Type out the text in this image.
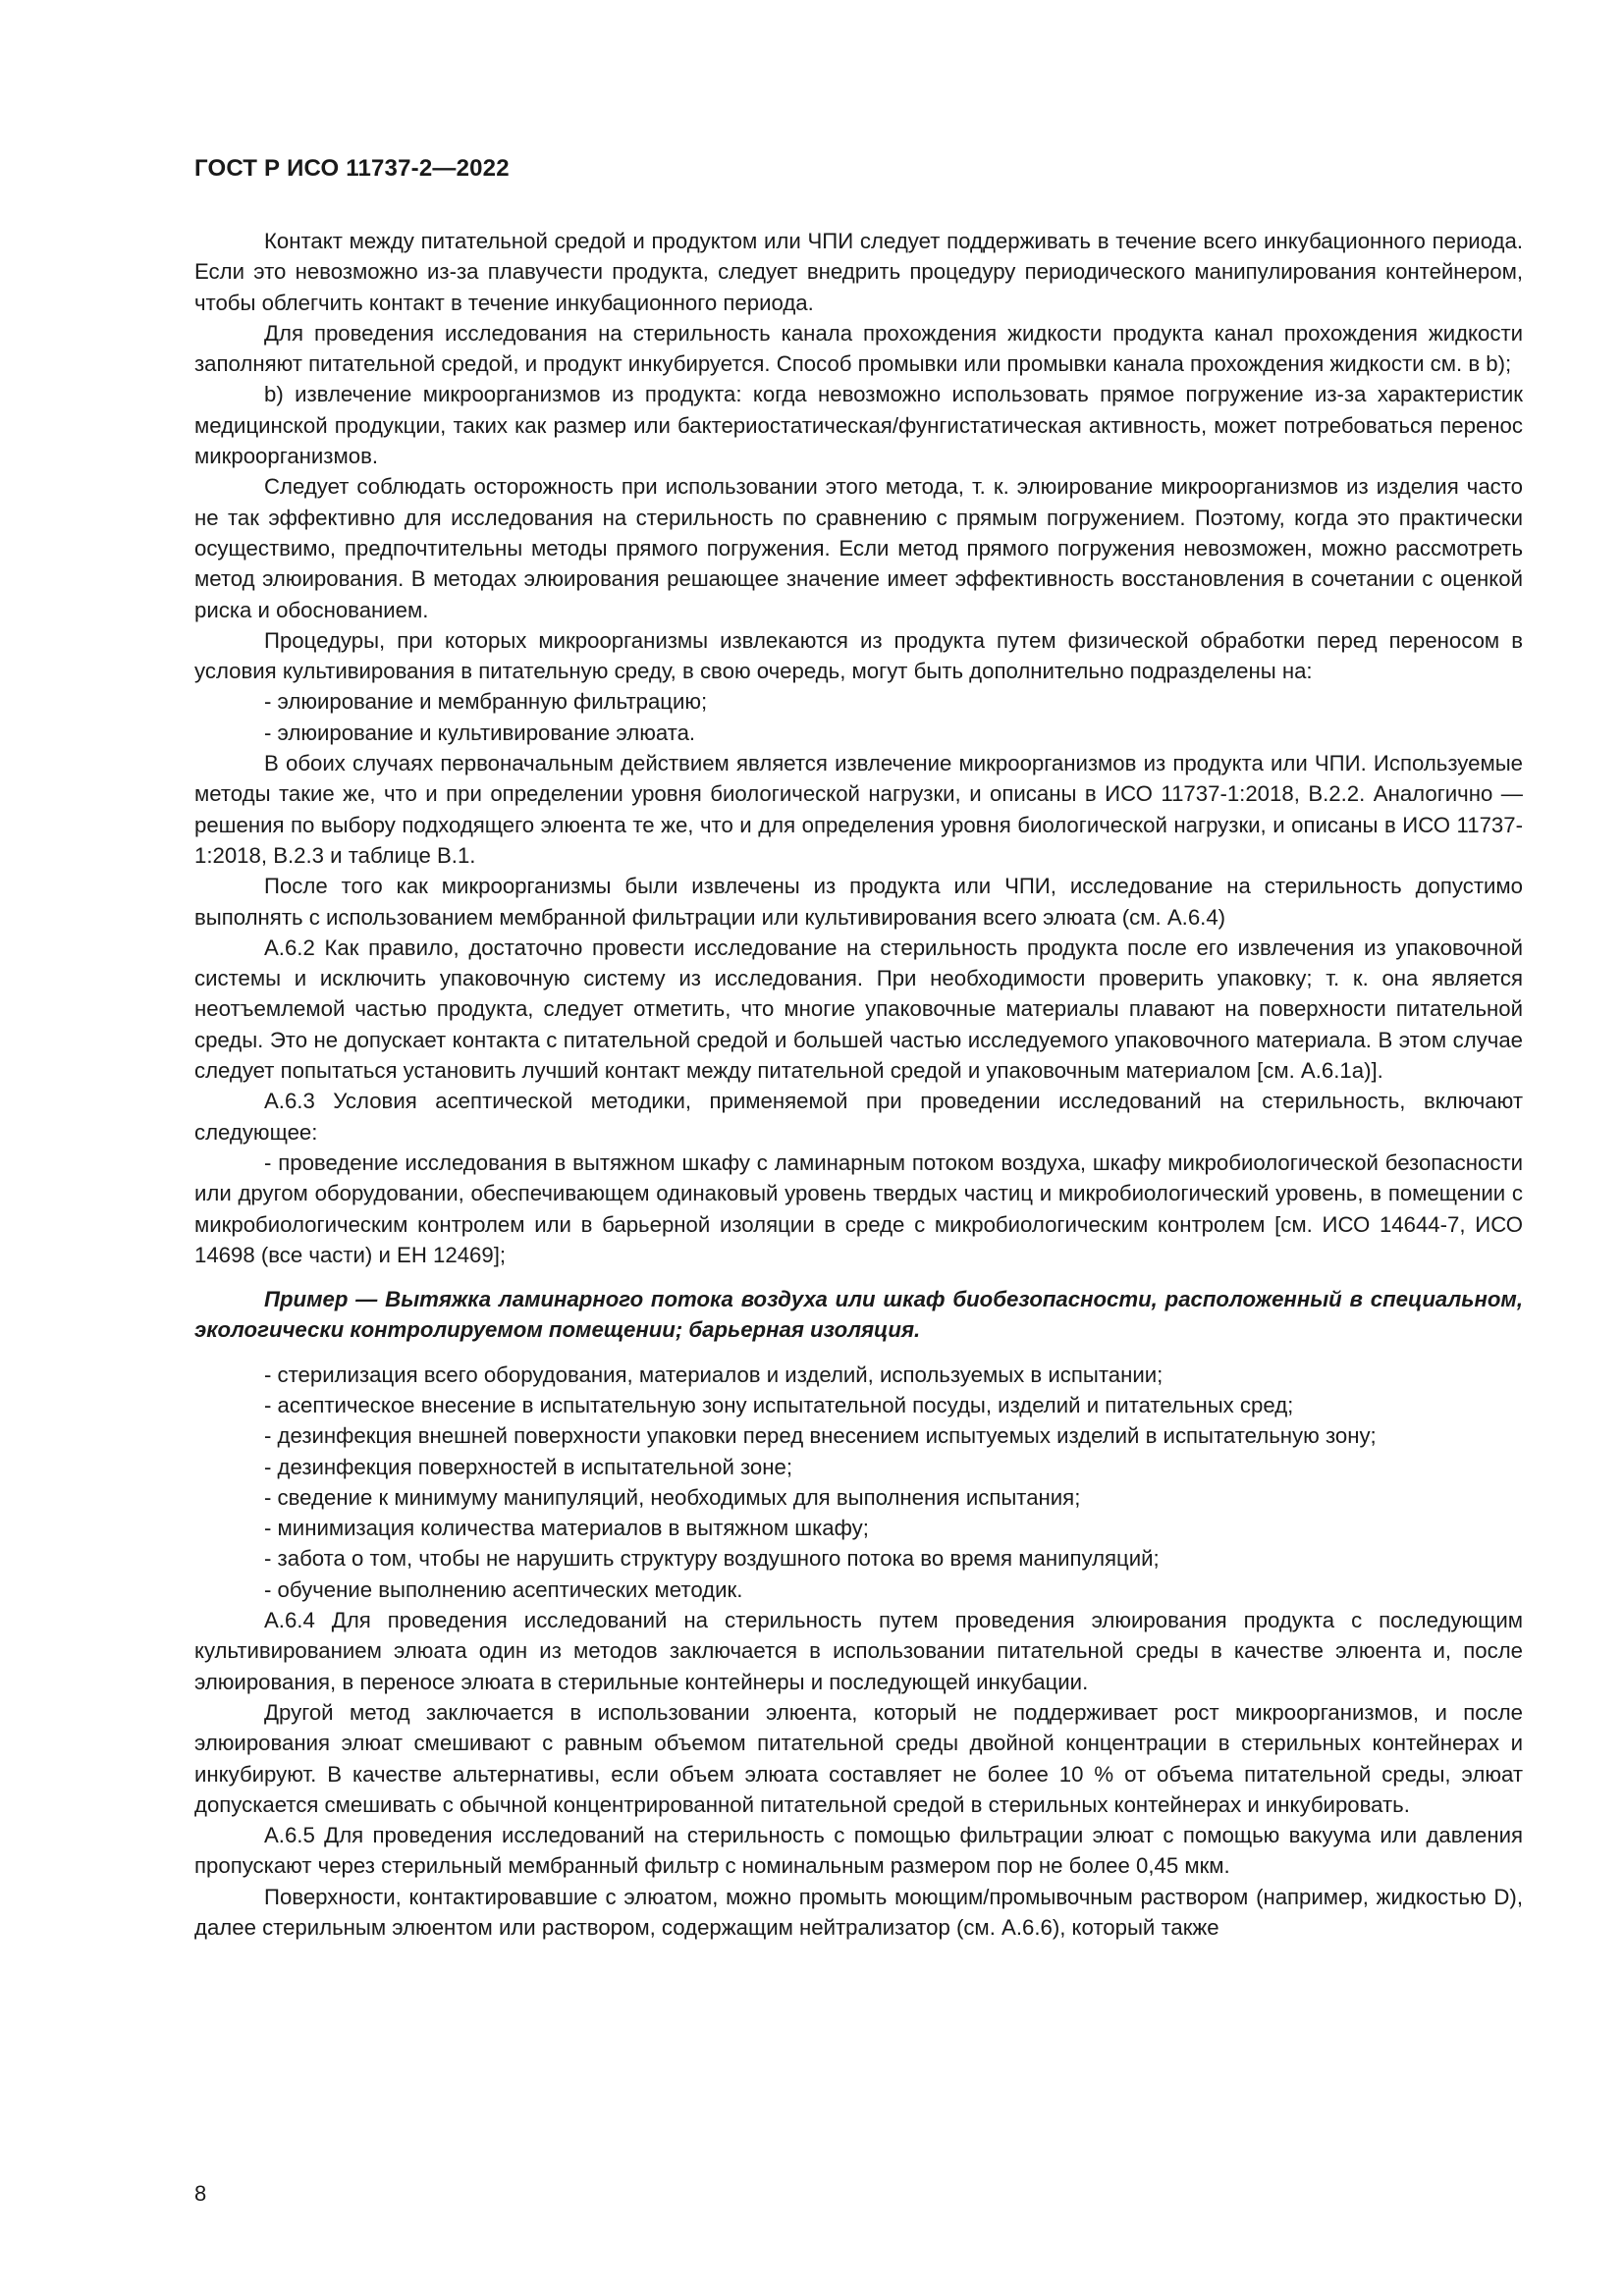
ГОСТ Р ИСО 11737-2—2022

Контакт между питательной средой и продуктом или ЧПИ следует поддерживать в течение всего инкубационного периода. Если это невозможно из-за плавучести продукта, следует внедрить процедуру периодического манипулирования контейнером, чтобы облегчить контакт в течение инкубационного периода.

Для проведения исследования на стерильность канала прохождения жидкости продукта канал прохождения жидкости заполняют питательной средой, и продукт инкубируется. Способ промывки или промывки канала прохождения жидкости см. в b);

b) извлечение микроорганизмов из продукта: когда невозможно использовать прямое погружение из-за характеристик медицинской продукции, таких как размер или бактериостатическая/фунгистатическая активность, может потребоваться перенос микроорганизмов.

Следует соблюдать осторожность при использовании этого метода, т. к. элюирование микроорганизмов из изделия часто не так эффективно для исследования на стерильность по сравнению с прямым погружением. Поэтому, когда это практически осуществимо, предпочтительны методы прямого погружения. Если метод прямого погружения невозможен, можно рассмотреть метод элюирования. В методах элюирования решающее значение имеет эффективность восстановления в сочетании с оценкой риска и обоснованием.

Процедуры, при которых микроорганизмы извлекаются из продукта путем физической обработки перед переносом в условия культивирования в питательную среду, в свою очередь, могут быть дополнительно подразделены на:

- элюирование и мембранную фильтрацию;

- элюирование и культивирование элюата.

В обоих случаях первоначальным действием является извлечение микроорганизмов из продукта или ЧПИ. Используемые методы такие же, что и при определении уровня биологической нагрузки, и описаны в ИСО 11737-1:2018, B.2.2. Аналогично — решения по выбору подходящего элюента те же, что и для определения уровня биологической нагрузки, и описаны в ИСО 11737-1:2018, B.2.3 и таблице B.1.

После того как микроорганизмы были извлечены из продукта или ЧПИ, исследование на стерильность допустимо выполнять с использованием мембранной фильтрации или культивирования всего элюата (см. А.6.4)

А.6.2 Как правило, достаточно провести исследование на стерильность продукта после его извлечения из упаковочной системы и исключить упаковочную систему из исследования. При необходимости проверить упаковку; т. к. она является неотъемлемой частью продукта, следует отметить, что многие упаковочные материалы плавают на поверхности питательной среды. Это не допускает контакта с питательной средой и большей частью исследуемого упаковочного материала. В этом случае следует попытаться установить лучший контакт между питательной средой и упаковочным материалом [см. А.6.1а)].

А.6.3 Условия асептической методики, применяемой при проведении исследований на стерильность, включают следующее:

- проведение исследования в вытяжном шкафу с ламинарным потоком воздуха, шкафу микробиологической безопасности или другом оборудовании, обеспечивающем одинаковый уровень твердых частиц и микробиологический уровень, в помещении с микробиологическим контролем или в барьерной изоляции в среде с микробиологическим контролем [см. ИСО 14644-7, ИСО 14698 (все части) и ЕН 12469];

Пример — Вытяжка ламинарного потока воздуха или шкаф биобезопасности, расположенный в специальном, экологически контролируемом помещении; барьерная изоляция.

- стерилизация всего оборудования, материалов и изделий, используемых в испытании;

- асептическое внесение в испытательную зону испытательной посуды, изделий и питательных сред;

- дезинфекция внешней поверхности упаковки перед внесением испытуемых изделий в испытательную зону;

- дезинфекция поверхностей в испытательной зоне;

- сведение к минимуму манипуляций, необходимых для выполнения испытания;

- минимизация количества материалов в вытяжном шкафу;

- забота о том, чтобы не нарушить структуру воздушного потока во время манипуляций;

- обучение выполнению асептических методик.

А.6.4 Для проведения исследований на стерильность путем проведения элюирования продукта с последующим культивированием элюата один из методов заключается в использовании питательной среды в качестве элюента и, после элюирования, в переносе элюата в стерильные контейнеры и последующей инкубации.

Другой метод заключается в использовании элюента, который не поддерживает рост микроорганизмов, и после элюирования элюат смешивают с равным объемом питательной среды двойной концентрации в стерильных контейнерах и инкубируют. В качестве альтернативы, если объем элюата составляет не более 10 % от объема питательной среды, элюат допускается смешивать с обычной концентрированной питательной средой в стерильных контейнерах и инкубировать.

А.6.5 Для проведения исследований на стерильность с помощью фильтрации элюат с помощью вакуума или давления пропускают через стерильный мембранный фильтр с номинальным размером пор не более 0,45 мкм.

Поверхности, контактировавшие с элюатом, можно промыть моющим/промывочным раствором (например, жидкостью D), далее стерильным элюентом или раствором, содержащим нейтрализатор (см. А.6.6), который также

8
